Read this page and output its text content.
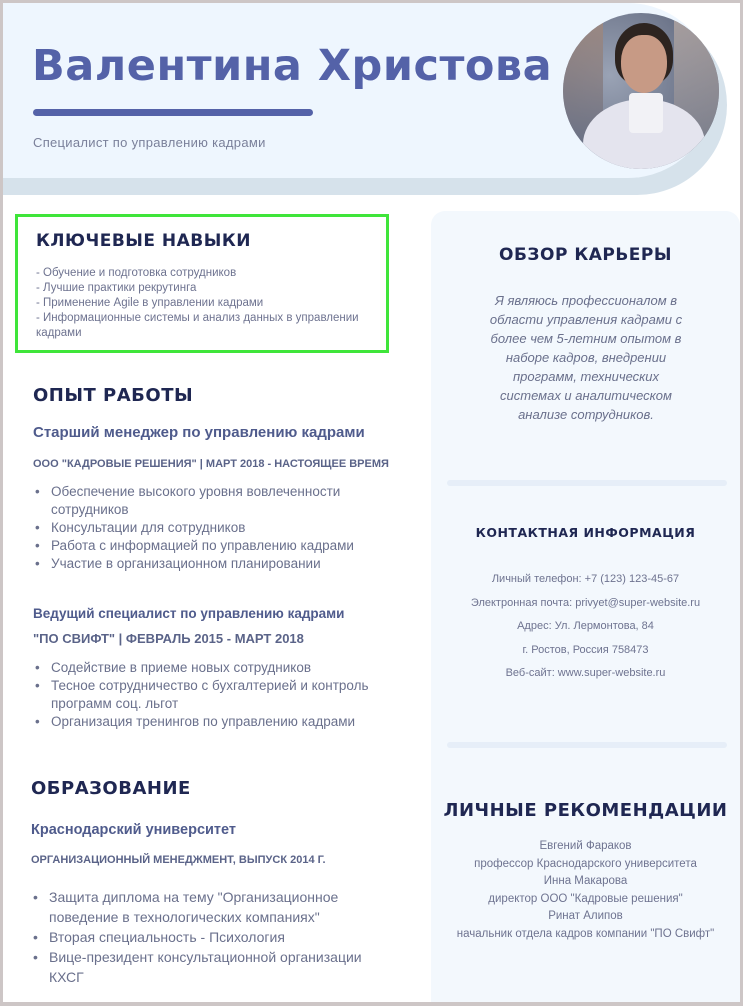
Валентина Христова
Специалист по управлению кадрами
КЛЮЧЕВЫЕ НАВЫКИ
- Обучение и подготовка сотрудников
- Лучшие практики рекрутинга
- Применение Agile в управлении кадрами
- Информационные системы и анализ данных в управлении кадрами
ОПЫТ РАБОТЫ
Старший менеджер по управлению кадрами
ООО "КАДРОВЫЕ РЕШЕНИЯ" | МАРТ 2018 - НАСТОЯЩЕЕ ВРЕМЯ
• Обеспечение высокого уровня вовлеченности сотрудников
• Консультации для сотрудников
• Работа с информацией по управлению кадрами
• Участие в организационном планировании
Ведущий специалист по управлению кадрами
"ПО СВИФТ" | ФЕВРАЛЬ 2015 - МАРТ 2018
• Содействие в приеме новых сотрудников
• Тесное сотрудничество с бухгалтерией и контроль программ соц. льгот
• Организация тренингов по управлению кадрами
ОБРАЗОВАНИЕ
Краснодарский университет
ОРГАНИЗАЦИОННЫЙ МЕНЕДЖМЕНТ, ВЫПУСК 2014 Г.
• Защита диплома на тему "Организационное поведение в технологических компаниях"
• Вторая специальность - Психология
• Вице-президент консультационной организации КХСГ
ОБЗОР КАРЬЕРЫ
Я являюсь профессионалом в области управления кадрами с более чем 5-летним опытом в наборе кадров, внедрении программ, технических системах и аналитическом анализе сотрудников.
КОНТАКТНАЯ ИНФОРМАЦИЯ
Личный телефон: +7 (123) 123-45-67
Электронная почта: privyet@super-website.ru
Адрес: Ул. Лермонтова, 84
г. Ростов, Россия 758473
Веб-сайт: www.super-website.ru
ЛИЧНЫЕ РЕКОМЕНДАЦИИ
Евгений Фараков
профессор Краснодарского университета
Инна Макарова
директор ООО "Кадровые решения"
Ринат Алипов
начальник отдела кадров компании "ПО Свифт"
